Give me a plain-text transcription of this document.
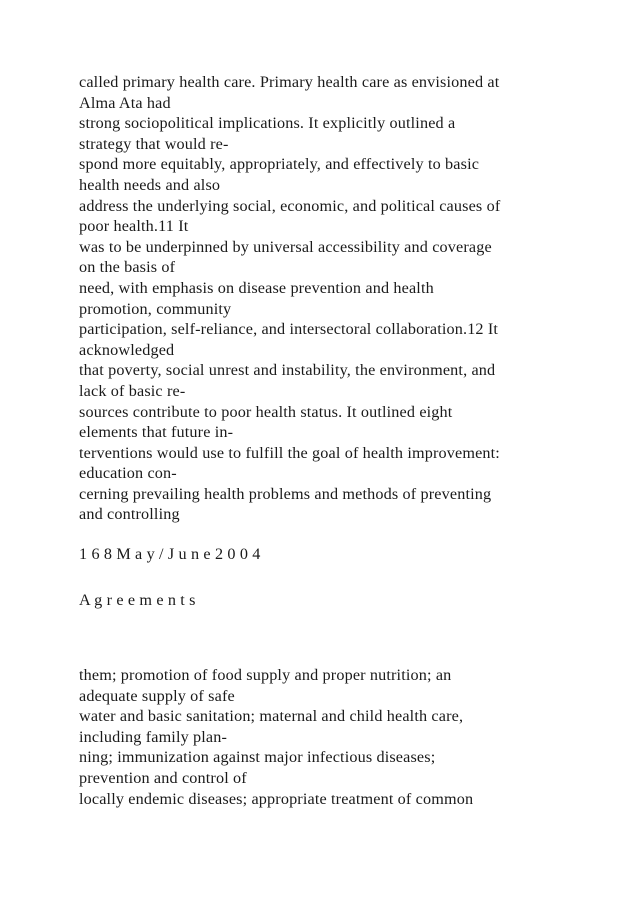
called primary health care. Primary health care as envisioned at
Alma Ata had
strong sociopolitical implications. It explicitly outlined a
strategy that would re-
spond more equitably, appropriately, and effectively to basic
health needs and also
address the underlying social, economic, and political causes of
poor health.11 It
was to be underpinned by universal accessibility and coverage
on the basis of
need, with emphasis on disease prevention and health
promotion, community
participation, self-reliance, and intersectoral collaboration.12 It
acknowledged
that poverty, social unrest and instability, the environment, and
lack of basic re-
sources contribute to poor health status. It outlined eight
elements that future in-
terventions would use to fulfill the goal of health improvement:
education con-
cerning prevailing health problems and methods of preventing
and controlling
1 6 8 M a y / J u n e 2 0 0 4
A g r e e m e n t s
them; promotion of food supply and proper nutrition; an
adequate supply of safe
water and basic sanitation; maternal and child health care,
including family plan-
ning; immunization against major infectious diseases;
prevention and control of
locally endemic diseases; appropriate treatment of common
